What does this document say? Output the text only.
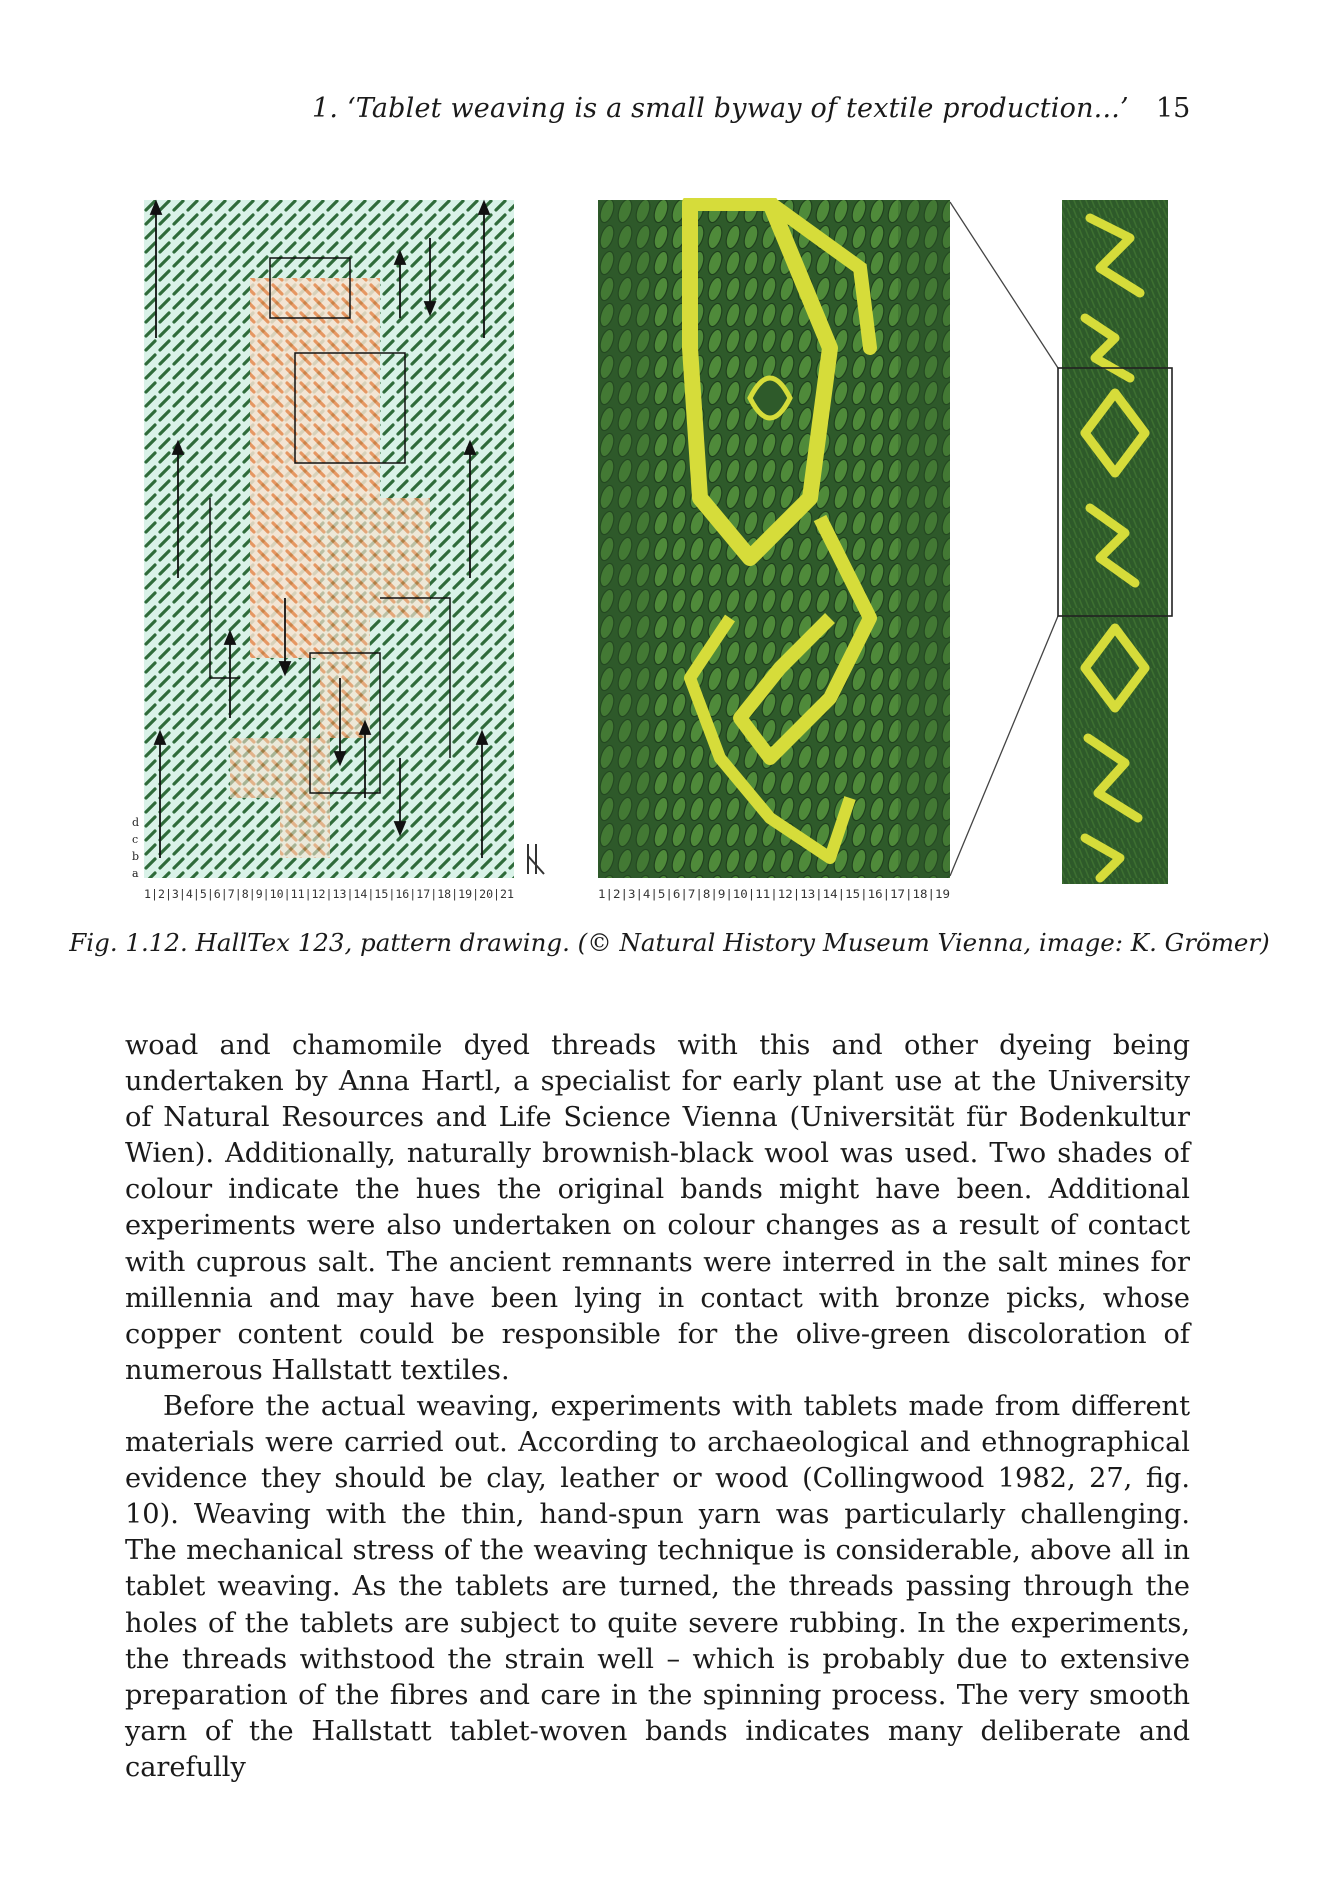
1. ‘Tablet weaving is a small byway of textile production...’ 15
d
c
b
a
1|2|3|4|5|6|7|8|9|10|11|12|13|14|15|16|17|18|19|20|21	1|2|3|4|5|6|7|8|9|10|11|12|13|14|15|16|17|18|19
Fig. 1.12. HallTex 123, pattern drawing. (© Natural History Museum Vienna, image: K. Grömer)

woad and chamomile dyed threads with this and other dyeing being undertaken by Anna Hartl, a specialist for early plant use at the University of Natural Resources and Life Science Vienna (Universität für Bodenkultur Wien). Additionally, naturally brownish-black wool was used. Two shades of colour indicate the hues the original bands might have been. Additional experiments were also undertaken on colour changes as a result of contact with cuprous salt. The ancient remnants were interred in the salt mines for millennia and may have been lying in contact with bronze picks, whose copper content could be responsible for the olive-green discoloration of numerous Hallstatt textiles.

Before the actual weaving, experiments with tablets made from different materials were carried out. According to archaeological and ethnographical evidence they should be clay, leather or wood (Collingwood 1982, 27, fig. 10). Weaving with the thin, hand-spun yarn was particularly challenging. The mechanical stress of the weaving technique is considerable, above all in tablet weaving. As the tablets are turned, the threads passing through the holes of the tablets are subject to quite severe rubbing. In the experiments, the threads withstood the strain well – which is probably due to extensive preparation of the fibres and care in the spinning process. The very smooth yarn of the Hallstatt tablet-woven bands indicates many deliberate and carefully
